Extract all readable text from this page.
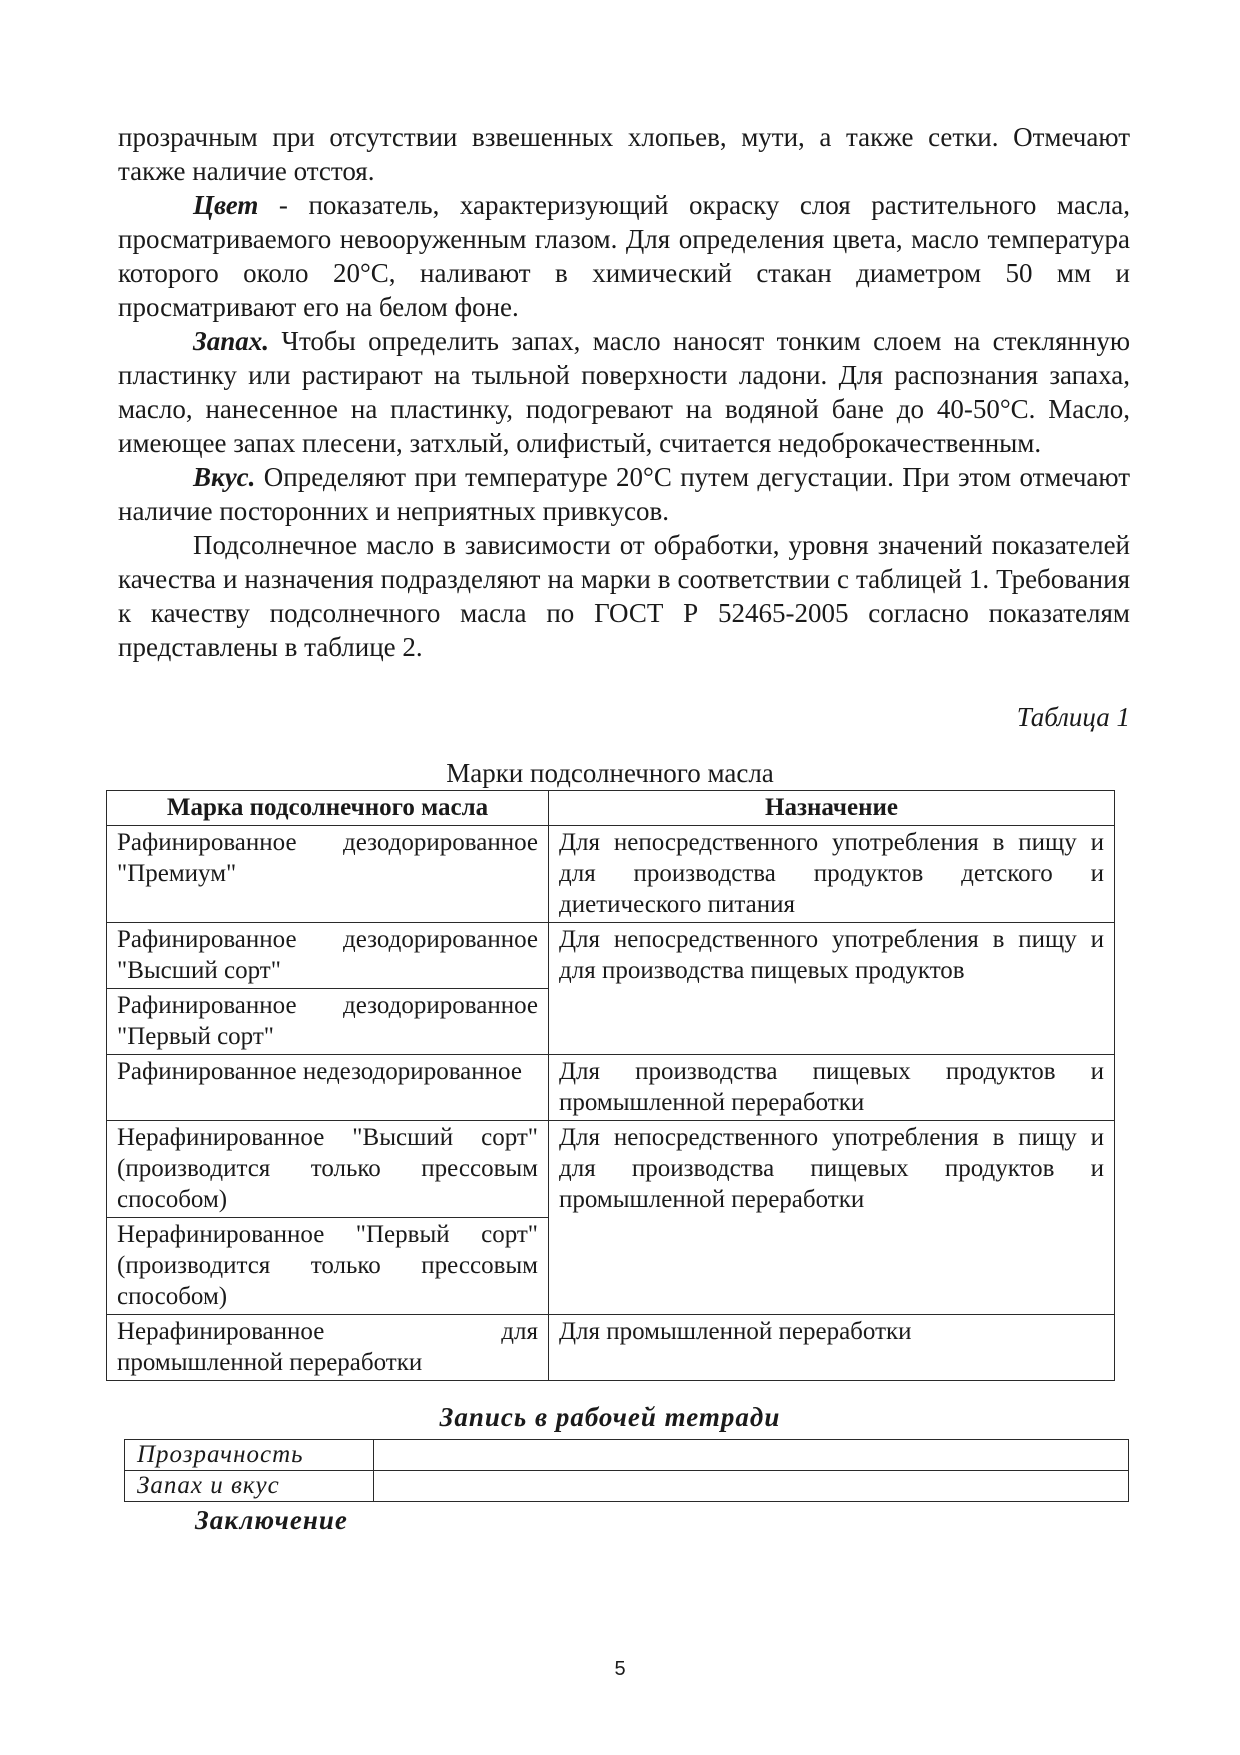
прозрачным при отсутствии взвешенных хлопьев, мути, а также сетки. Отмечают также наличие отстоя.

Цвет - показатель, характеризующий окраску слоя растительного масла, просматриваемого невооруженным глазом. Для определения цвета, масло температура которого около 20°С, наливают в химический стакан диаметром 50 мм и просматривают его на белом фоне.

Запах. Чтобы определить запах, масло наносят тонким слоем на стеклянную пластинку или растирают на тыльной поверхности ладони. Для распознания запаха, масло, нанесенное на пластинку, подогревают на водяной бане до 40-50°С. Масло, имеющее запах плесени, затхлый, олифистый, считается недоброкачественным.

Вкус. Определяют при температуре 20°С путем дегустации. При этом отмечают наличие посторонних и неприятных привкусов.

Подсолнечное масло в зависимости от обработки, уровня значений показателей качества и назначения подразделяют на марки в соответствии с таблицей 1. Требования к качеству подсолнечного масла по ГОСТ Р 52465-2005 согласно показателям представлены в таблице 2.

Таблица 1
Марки подсолнечного масла
Марка подсолнечного масла	Назначение
Рафинированное дезодорированное "Премиум"	Для непосредственного употребления в пищу и для производства продуктов детского и диетического питания
Рафинированное дезодорированное "Высший сорт"	Для непосредственного употребления в пищу и для производства пищевых продуктов
Рафинированное дезодорированное "Первый сорт"	
Рафинированное недезодорированное	Для производства пищевых продуктов и промышленной переработки
Нерафинированное "Высший сорт" (производится только прессовым способом)	Для непосредственного употребления в пищу и для производства пищевых продуктов и промышленной переработки
Нерафинированное "Первый сорт" (производится только прессовым способом)	
Нерафинированное для промышленной переработки	Для промышленной переработки
Запись в рабочей тетради
Прозрачность	
Запах и вкус	
Заключение
5
